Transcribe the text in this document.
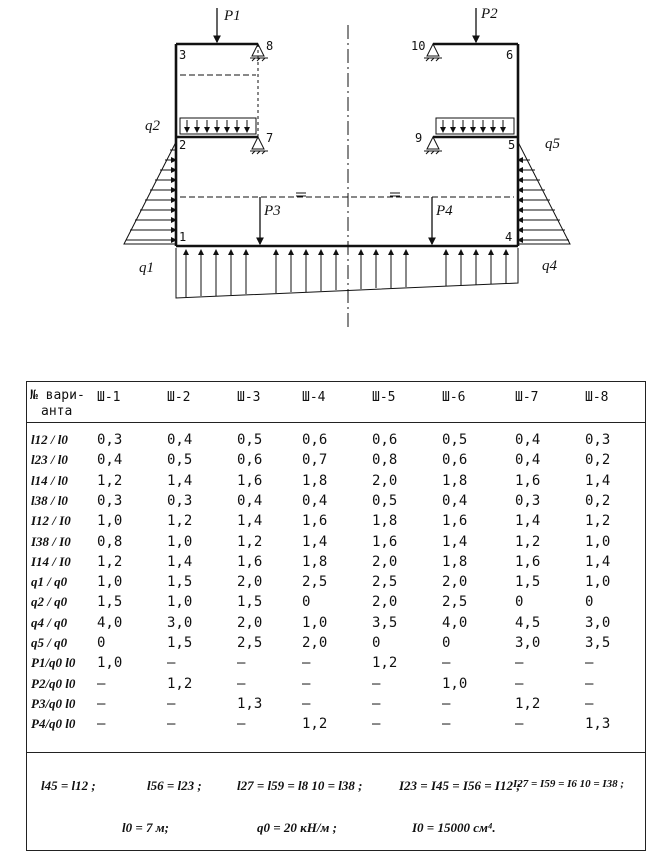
P1	P2
P3	P4
q1
q2
q4
q5
1
2
3
4
5
6
7
8
9
10
№ вари-
анта
Ш-1	Ш-2	Ш-3	Ш-4	Ш-5	Ш-6	Ш-7	Ш-8
l12 / l0 0,3	0,4	0,5	0,6	0,6	0,5	0,4	0,3
l23 / l0 0,4	0,5	0,6	0,7	0,8	0,6	0,4	0,2
l14 / l0 1,2	1,4	1,6	1,8	2,0	1,8	1,6	1,4
l38 / l0 0,3	0,3	0,4	0,4	0,5	0,4	0,3	0,2
I12 / I0 1,0	1,2	1,4	1,6	1,8	1,6	1,4	1,2
I38 / I0 0,8	1,0	1,2	1,4	1,6	1,4	1,2	1,0
I14 / I0 1,2	1,4	1,6	1,8	2,0	1,8	1,6	1,4
q1 / q0 1,0	1,5	2,0	2,5	2,5	2,0	1,5	1,0
q2 / q0 1,5	1,0	1,5	0	2,0	2,5	0	0
q4 / q0 4,0	3,0	2,0	1,0	3,5	4,0	4,5	3,0
q5 / q0 0	1,5	2,5	2,0	0	0	3,0	3,5
P1/q0 l0 1,0	–	–	–	1,2	–	–	–
P2/q0 l0 –	1,2	–	–	–	1,0	–	–
P3/q0 l0 –	–	1,3	–	–	–	1,2	–
P4/q0 l0 –	–	–	1,2	–	–	–	1,3
l45 = l12 ;	l56 = l23 ;	l27 = l59 = l8 10 = l38 ;	I23 = I45 = I56 = I12 ;
I27 = I59 = I6 10 = I38 ;
l0 = 7 м;	q0 = 20 кН/м ;	I0 = 15000 см⁴.
